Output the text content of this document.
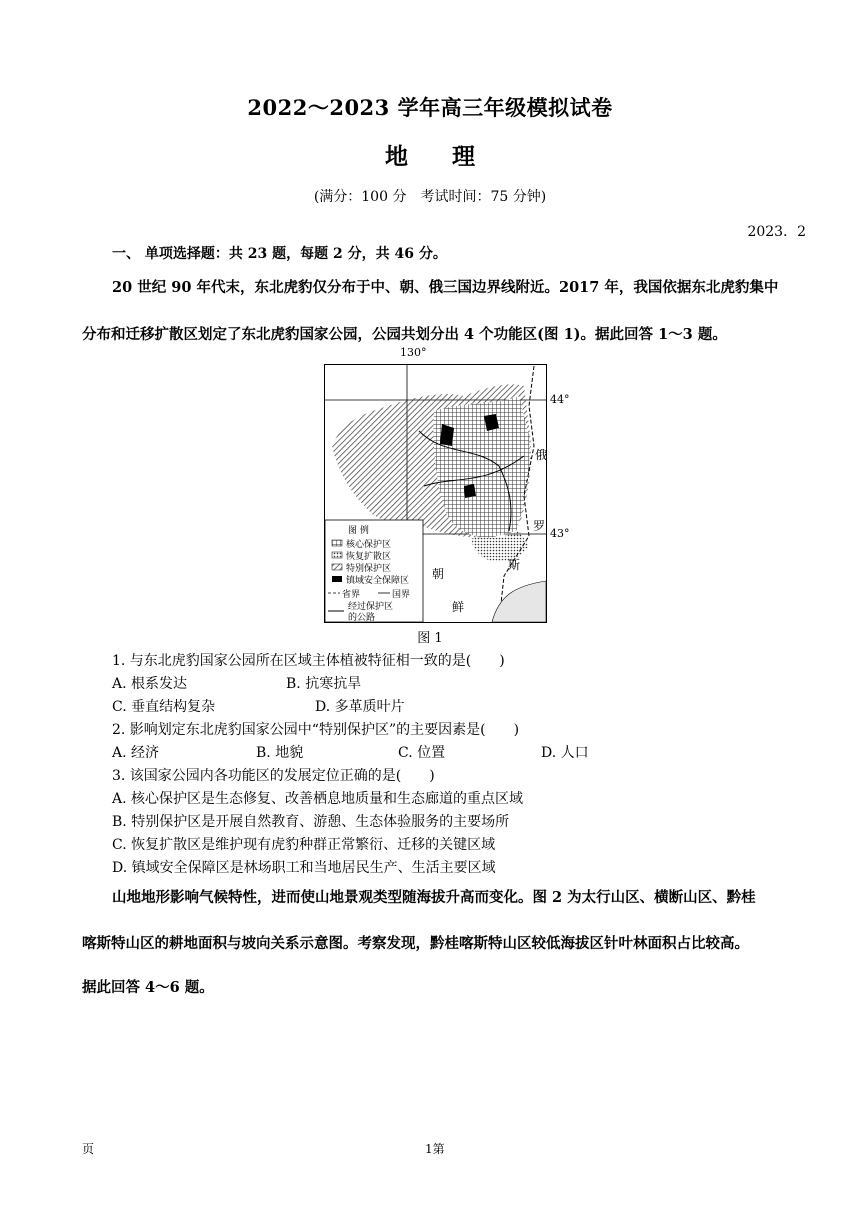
2022～2023 学年高三年级模拟试卷
地理
(满分：100 分　考试时间：75 分钟)
2023．2
一、 单项选择题：共 23 题，每题 2 分，共 46 分。
20 世纪 90 年代末，东北虎豹仅分布于中、朝、俄三国边界线附近。2017 年，我国依据东北虎豹集中
分布和迁移扩散区划定了东北虎豹国家公园，公园共划分出 4 个功能区(图 1)。据此回答 1～3 题。
130°
44°
43°
俄
罗
斯
朝
鲜
图 例
核心保护区
恢复扩散区
特别保护区
镇域安全保障区
省界	国界
经过保护区
的公路
图 1
1. 与东北虎豹国家公园所在区域主体植被特征相一致的是(　　)
A. 根系发达	B. 抗寒抗旱
C. 垂直结构复杂	D. 多革质叶片
2. 影响划定东北虎豹国家公园中“特别保护区”的主要因素是(　　)
A. 经济	B. 地貌	C. 位置	D. 人口
3. 该国家公园内各功能区的发展定位正确的是(　　)
A. 核心保护区是生态修复、改善栖息地质量和生态廊道的重点区域
B. 特别保护区是开展自然教育、游憩、生态体验服务的主要场所
C. 恢复扩散区是维护现有虎豹种群正常繁衍、迁移的关键区域
D. 镇域安全保障区是林场职工和当地居民生产、生活主要区域
山地地形影响气候特性，进而使山地景观类型随海拔升高而变化。图 2 为太行山区、横断山区、黔桂
喀斯特山区的耕地面积与坡向关系示意图。考察发现，黔桂喀斯特山区较低海拔区针叶林面积占比较高。
据此回答 4～6 题。
页	1第
